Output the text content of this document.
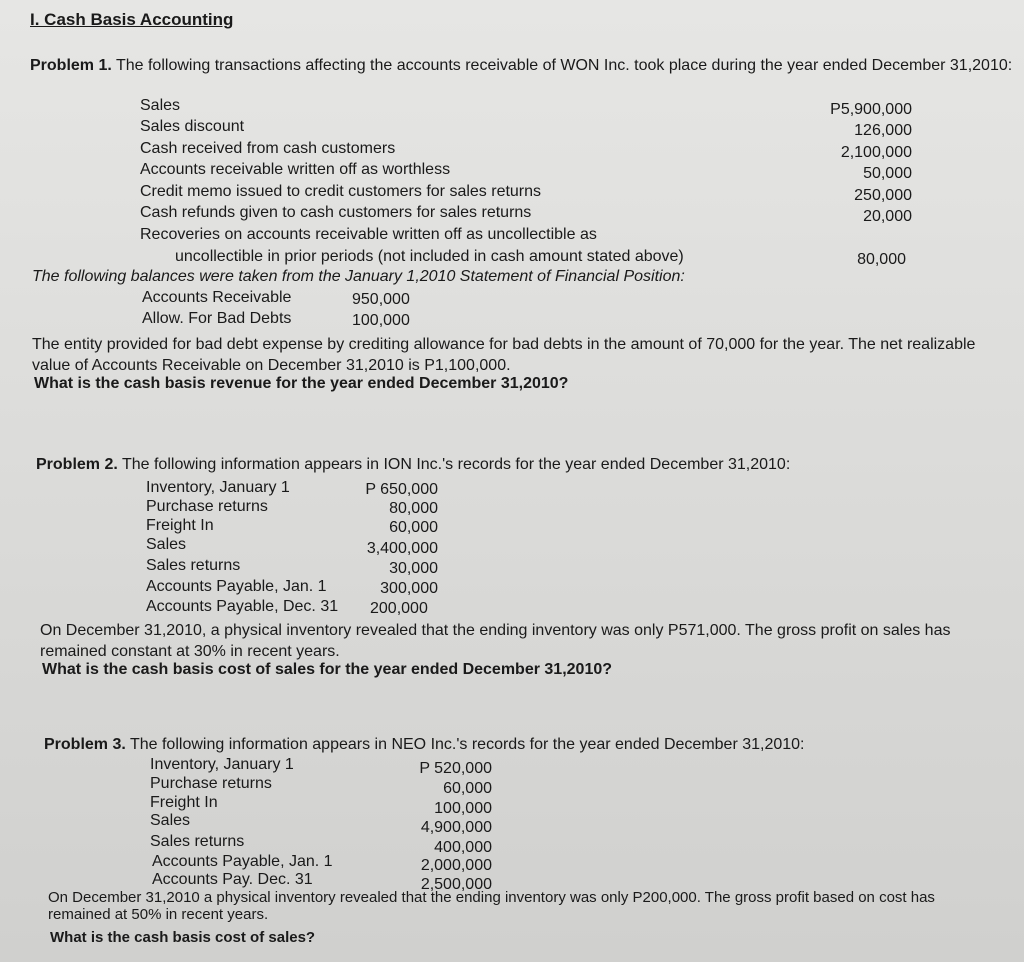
I. Cash Basis Accounting
Problem 1. The following transactions affecting the accounts receivable of WON Inc. took place during the year ended December 31,2010:
Sales	P5,900,000
Sales discount	126,000
Cash received from cash customers	2,100,000
Accounts receivable written off as worthless	50,000
Credit memo issued to credit customers for sales returns	250,000
Cash refunds given to cash customers for sales returns	20,000
Recoveries on accounts receivable written off as uncollectible as
uncollectible in prior periods (not included in cash amount stated above)	80,000
The following balances were taken from the January 1,2010 Statement of Financial Position:
Accounts Receivable	950,000
Allow. For Bad Debts	100,000
The entity provided for bad debt expense by crediting allowance for bad debts in the amount of 70,000 for the year. The net realizable value of Accounts Receivable on December 31,2010 is P1,100,000.
What is the cash basis revenue for the year ended December 31,2010?
Problem 2. The following information appears in ION Inc.'s records for the year ended December 31,2010:
Inventory, January 1	P 650,000
Purchase returns	80,000
Freight In	60,000
Sales	3,400,000
Sales returns	30,000
Accounts Payable, Jan. 1	300,000
Accounts Payable, Dec. 31 200,000
On December 31,2010, a physical inventory revealed that the ending inventory was only P571,000. The gross profit on sales has remained constant at 30% in recent years.
What is the cash basis cost of sales for the year ended December 31,2010?
Problem 3. The following information appears in NEO Inc.'s records for the year ended December 31,2010:
Inventory, January 1	P 520,000
Purchase returns	60,000
Freight In	100,000
Sales	4,900,000
Sales returns	400,000
Accounts Payable, Jan. 1	2,000,000
Accounts Pay. Dec. 31	2,500,000
On December 31,2010 a physical inventory revealed that the ending inventory was only P200,000. The gross profit based on cost has remained at 50% in recent years.
What is the cash basis cost of sales?
